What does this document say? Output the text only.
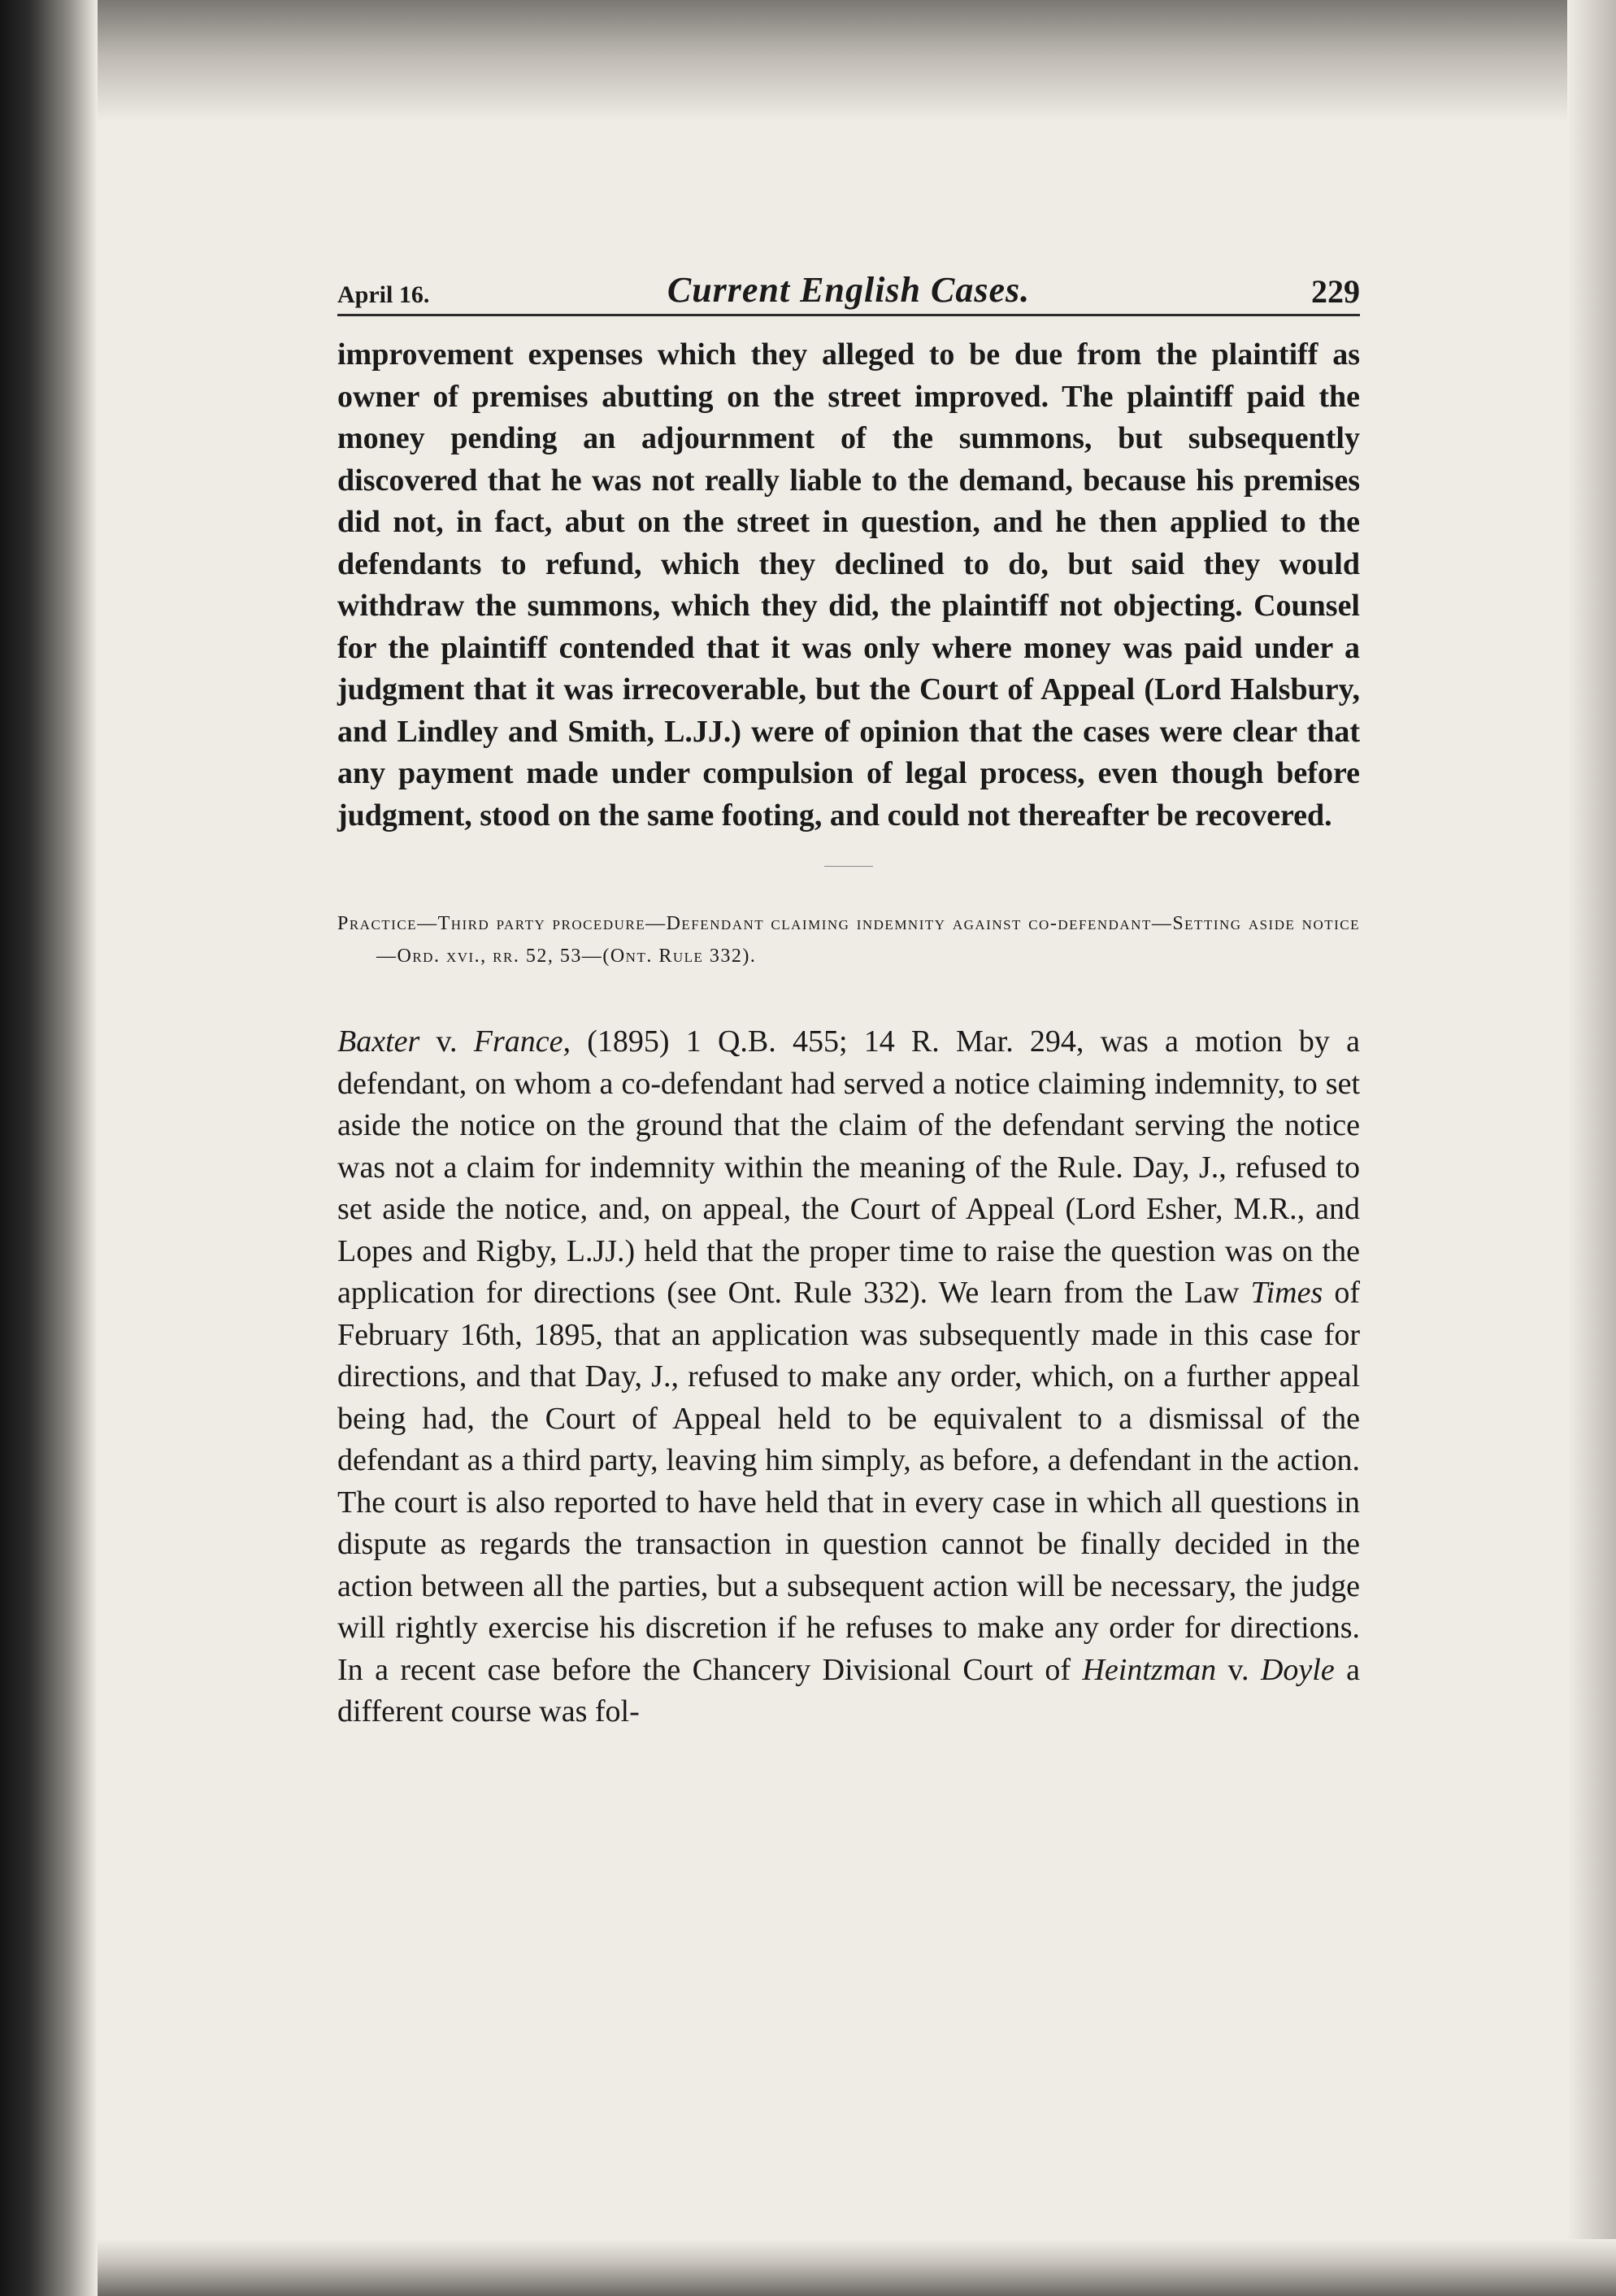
April 16.	Current English Cases.	229

improvement expenses which they alleged to be due from the plaintiff as owner of premises abutting on the street improved. The plaintiff paid the money pending an adjournment of the summons, but subsequently discovered that he was not really liable to the demand, because his premises did not, in fact, abut on the street in question, and he then applied to the defendants to refund, which they declined to do, but said they would withdraw the summons, which they did, the plaintiff not objecting. Counsel for the plaintiff contended that it was only where money was paid under a judgment that it was irrecoverable, but the Court of Appeal (Lord Halsbury, and Lindley and Smith, L.JJ.) were of opinion that the cases were clear that any payment made under compulsion of legal process, even though before judgment, stood on the same footing, and could not thereafter be recovered.

Practice—Third party procedure—Defendant claiming indemnity against co-defendant—Setting aside notice—Ord. xvi., rr. 52, 53—(Ont. Rule 332).

Baxter v. France, (1895) 1 Q.B. 455; 14 R. Mar. 294, was a motion by a defendant, on whom a co-defendant had served a notice claiming indemnity, to set aside the notice on the ground that the claim of the defendant serving the notice was not a claim for indemnity within the meaning of the Rule. Day, J., refused to set aside the notice, and, on appeal, the Court of Appeal (Lord Esher, M.R., and Lopes and Rigby, L.JJ.) held that the proper time to raise the question was on the application for directions (see Ont. Rule 332). We learn from the Law Times of February 16th, 1895, that an application was subsequently made in this case for directions, and that Day, J., refused to make any order, which, on a further appeal being had, the Court of Appeal held to be equivalent to a dismissal of the defendant as a third party, leaving him simply, as before, a defendant in the action. The court is also reported to have held that in every case in which all questions in dispute as regards the transaction in question cannot be finally decided in the action between all the parties, but a subsequent action will be necessary, the judge will rightly exercise his discretion if he refuses to make any order for directions. In a recent case before the Chancery Divisional Court of Heintzman v. Doyle a different course was fol-
